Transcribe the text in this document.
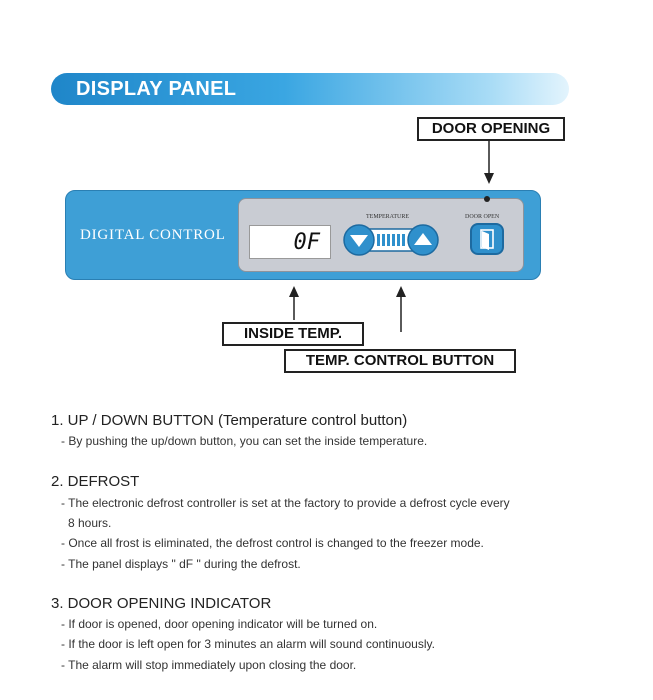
DISPLAY PANEL
DOOR OPENING
DIGITAL CONTROL	0F
TEMPERATURE	DOOR OPEN
INSIDE TEMP.
TEMP. CONTROL BUTTON
1. UP / DOWN BUTTON (Temperature control button)
- By pushing the up/down button, you can set the inside temperature.
2. DEFROST
- The electronic defrost controller is set at the factory to provide a defrost cycle every
8 hours.
- Once all frost is eliminated, the defrost control is changed to the freezer mode.
- The panel displays " dF " during the defrost.
3. DOOR OPENING INDICATOR
- If door is opened, door opening indicator will be turned on.
- If the door is left open for 3 minutes an alarm will sound continuously.
- The alarm will stop immediately upon closing the door.
